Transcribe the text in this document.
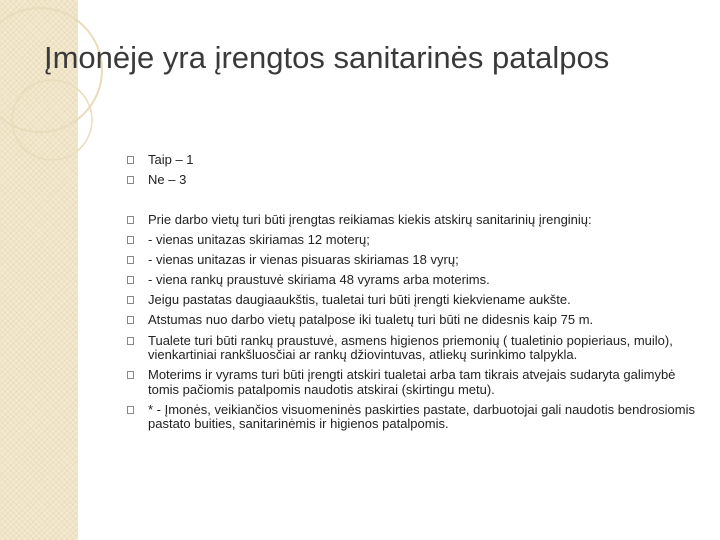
Įmonėje yra įrengtos sanitarinės patalpos
Taip – 1
Ne – 3
Prie darbo vietų turi būti įrengtas reikiamas kiekis atskirų sanitarinių įrenginių:
- vienas unitazas skiriamas 12 moterų;
- vienas unitazas ir vienas pisuaras skiriamas 18 vyrų;
- viena rankų praustuvė skiriama 48 vyrams arba moterims.
Jeigu pastatas daugiaaukštis, tualetai turi būti įrengti kiekviename aukšte.
Atstumas nuo darbo vietų patalpose iki tualetų turi būti ne didesnis kaip 75 m.
Tualete turi būti rankų praustuvė, asmens higienos priemonių ( tualetinio popieriaus, muilo), vienkartiniai rankšluosčiai ar rankų džiovintuvas, atliekų surinkimo talpykla.
Moterims ir vyrams turi būti įrengti atskiri tualetai arba tam tikrais atvejais sudaryta galimybė tomis pačiomis patalpomis naudotis atskirai (skirtingu metu).
* - Įmonės, veikiančios visuomeninės paskirties pastate, darbuotojai gali naudotis bendrosiomis pastato buities, sanitarinėmis ir higienos patalpomis.
